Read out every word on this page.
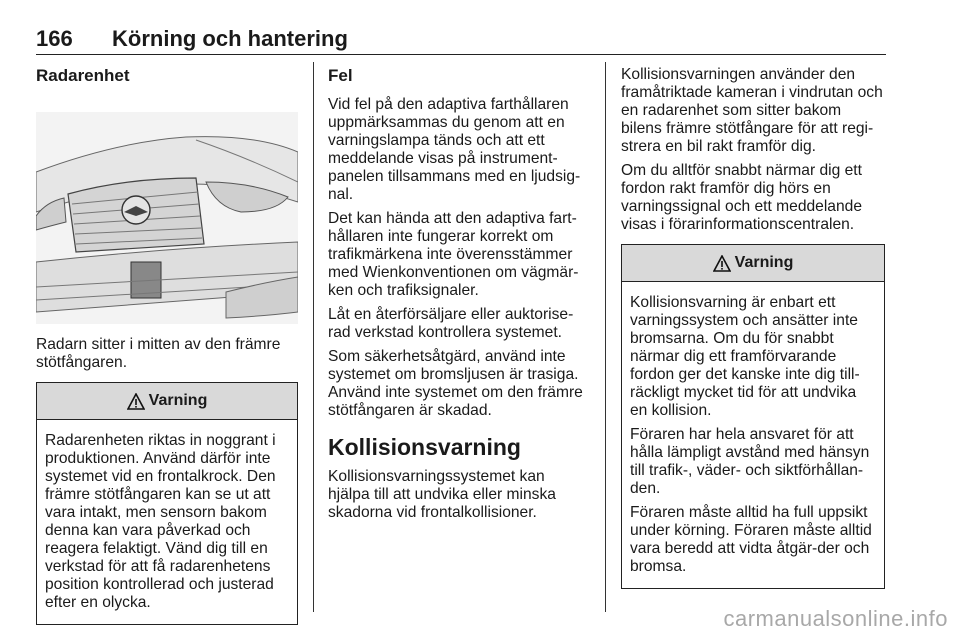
166 Körning och hantering
Radarenhet

Radarn sitter i mitten av den främre stötfångaren.

Varning

Radarenheten riktas in noggrant i produktionen. Använd därför inte systemet vid en frontalkrock. Den främre stötfångaren kan se ut att vara intakt, men sensorn bakom denna kan vara påverkad och reagera felaktigt. Vänd dig till en verkstad för att få radarenhetens position kontrollerad och justerad efter en olycka.

Fel

Vid fel på den adaptiva farthållaren uppmärksammas du genom att en varningslampa tänds och att ett meddelande visas på instrument-panelen tillsammans med en ljudsig-nal.

Det kan hända att den adaptiva fart-hållaren inte fungerar korrekt om trafikmärkena inte överensstämmer med Wienkonventionen om vägmär-ken och trafiksignaler.

Låt en återförsäljare eller auktorise-rad verkstad kontrollera systemet.

Som säkerhetsåtgärd, använd inte systemet om bromsljusen är trasiga. Använd inte systemet om den främre stötfångaren är skadad.

Kollisionsvarning

Kollisionsvarningssystemet kan hjälpa till att undvika eller minska skadorna vid frontalkollisioner.

Kollisionsvarningen använder den framåtriktade kameran i vindrutan och en radarenhet som sitter bakom bilens främre stötfångare för att regi-strera en bil rakt framför dig.

Om du alltför snabbt närmar dig ett fordon rakt framför dig hörs en varningssignal och ett meddelande visas i förarinformationscentralen.

Varning

Kollisionsvarning är enbart ett varningssystem och ansätter inte bromsarna. Om du för snabbt närmar dig ett framförvarande fordon ger det kanske inte dig till-räckligt mycket tid för att undvika en kollision.

Föraren har hela ansvaret för att hålla lämpligt avstånd med hänsyn till trafik-, väder- och siktförhållan-den.

Föraren måste alltid ha full uppsikt under körning. Föraren måste alltid vara beredd att vidta åtgär-der och bromsa.

carmanualsonline.info
